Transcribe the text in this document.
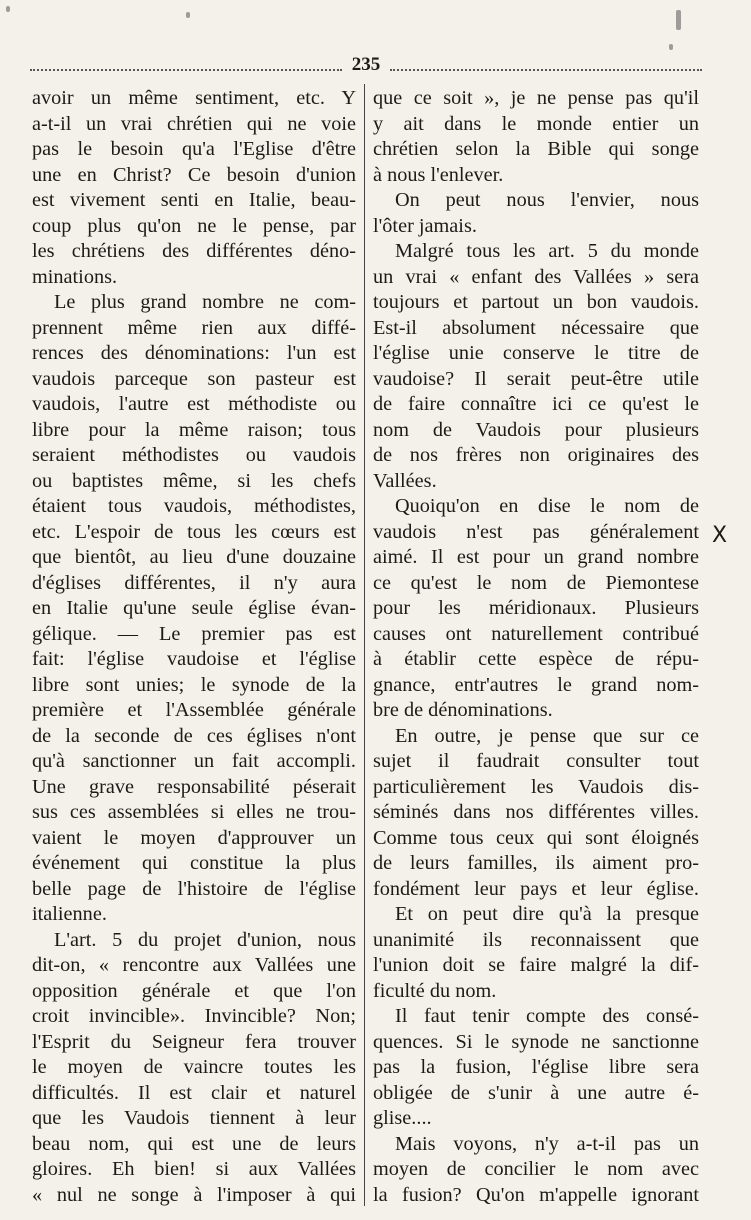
235
avoir un même sentiment, etc. Y
a-t-il un vrai chrétien qui ne voie
pas le besoin qu'a l'Eglise d'être
une en Christ? Ce besoin d'union
est vivement senti en Italie, beau-
coup plus qu'on ne le pense, par
les chrétiens des différentes déno-
minations.
Le plus grand nombre ne com-
prennent même rien aux diffé-
rences des dénominations: l'un est
vaudois parceque son pasteur est
vaudois, l'autre est méthodiste ou
libre pour la même raison; tous
seraient méthodistes ou vaudois
ou baptistes même, si les chefs
étaient tous vaudois, méthodistes,
etc. L'espoir de tous les cœurs est
que bientôt, au lieu d'une douzaine
d'églises différentes, il n'y aura
en Italie qu'une seule église évan-
gélique. — Le premier pas est
fait: l'église vaudoise et l'église
libre sont unies; le synode de la
première et l'Assemblée générale
de la seconde de ces églises n'ont
qu'à sanctionner un fait accompli.
Une grave responsabilité péserait
sus ces assemblées si elles ne trou-
vaient le moyen d'approuver un
événement qui constitue la plus
belle page de l'histoire de l'église
italienne.
L'art. 5 du projet d'union, nous
dit-on, « rencontre aux Vallées une
opposition générale et que l'on
croit invincible». Invincible? Non;
l'Esprit du Seigneur fera trouver
le moyen de vaincre toutes les
difficultés. Il est clair et naturel
que les Vaudois tiennent à leur
beau nom, qui est une de leurs
gloires. Eh bien! si aux Vallées
« nul ne songe à l'imposer à qui
que ce soit », je ne pense pas qu'il
y ait dans le monde entier un
chrétien selon la Bible qui songe
à nous l'enlever.
On peut nous l'envier, nous
l'ôter jamais.
Malgré tous les art. 5 du monde
un vrai « enfant des Vallées » sera
toujours et partout un bon vaudois.
Est-il absolument nécessaire que
l'église unie conserve le titre de
vaudoise? Il serait peut-être utile
de faire connaître ici ce qu'est le
nom de Vaudois pour plusieurs
de nos frères non originaires des
Vallées.
Quoiqu'on en dise le nom de
vaudois n'est pas généralement
aimé. Il est pour un grand nombre
ce qu'est le nom de Piemontese
pour les méridionaux. Plusieurs
causes ont naturellement contribué
à établir cette espèce de répu-
gnance, entr'autres le grand nom-
bre de dénominations.
En outre, je pense que sur ce
sujet il faudrait consulter tout
particulièrement les Vaudois dis-
séminés dans nos différentes villes.
Comme tous ceux qui sont éloignés
de leurs familles, ils aiment pro-
fondément leur pays et leur église.
Et on peut dire qu'à la presque
unanimité ils reconnaissent que
l'union doit se faire malgré la dif-
ficulté du nom.
Il faut tenir compte des consé-
quences. Si le synode ne sanctionne
pas la fusion, l'église libre sera
obligée de s'unir à une autre é-
glise....
Mais voyons, n'y a-t-il pas un
moyen de concilier le nom avec
la fusion? Qu'on m'appelle ignorant
X
